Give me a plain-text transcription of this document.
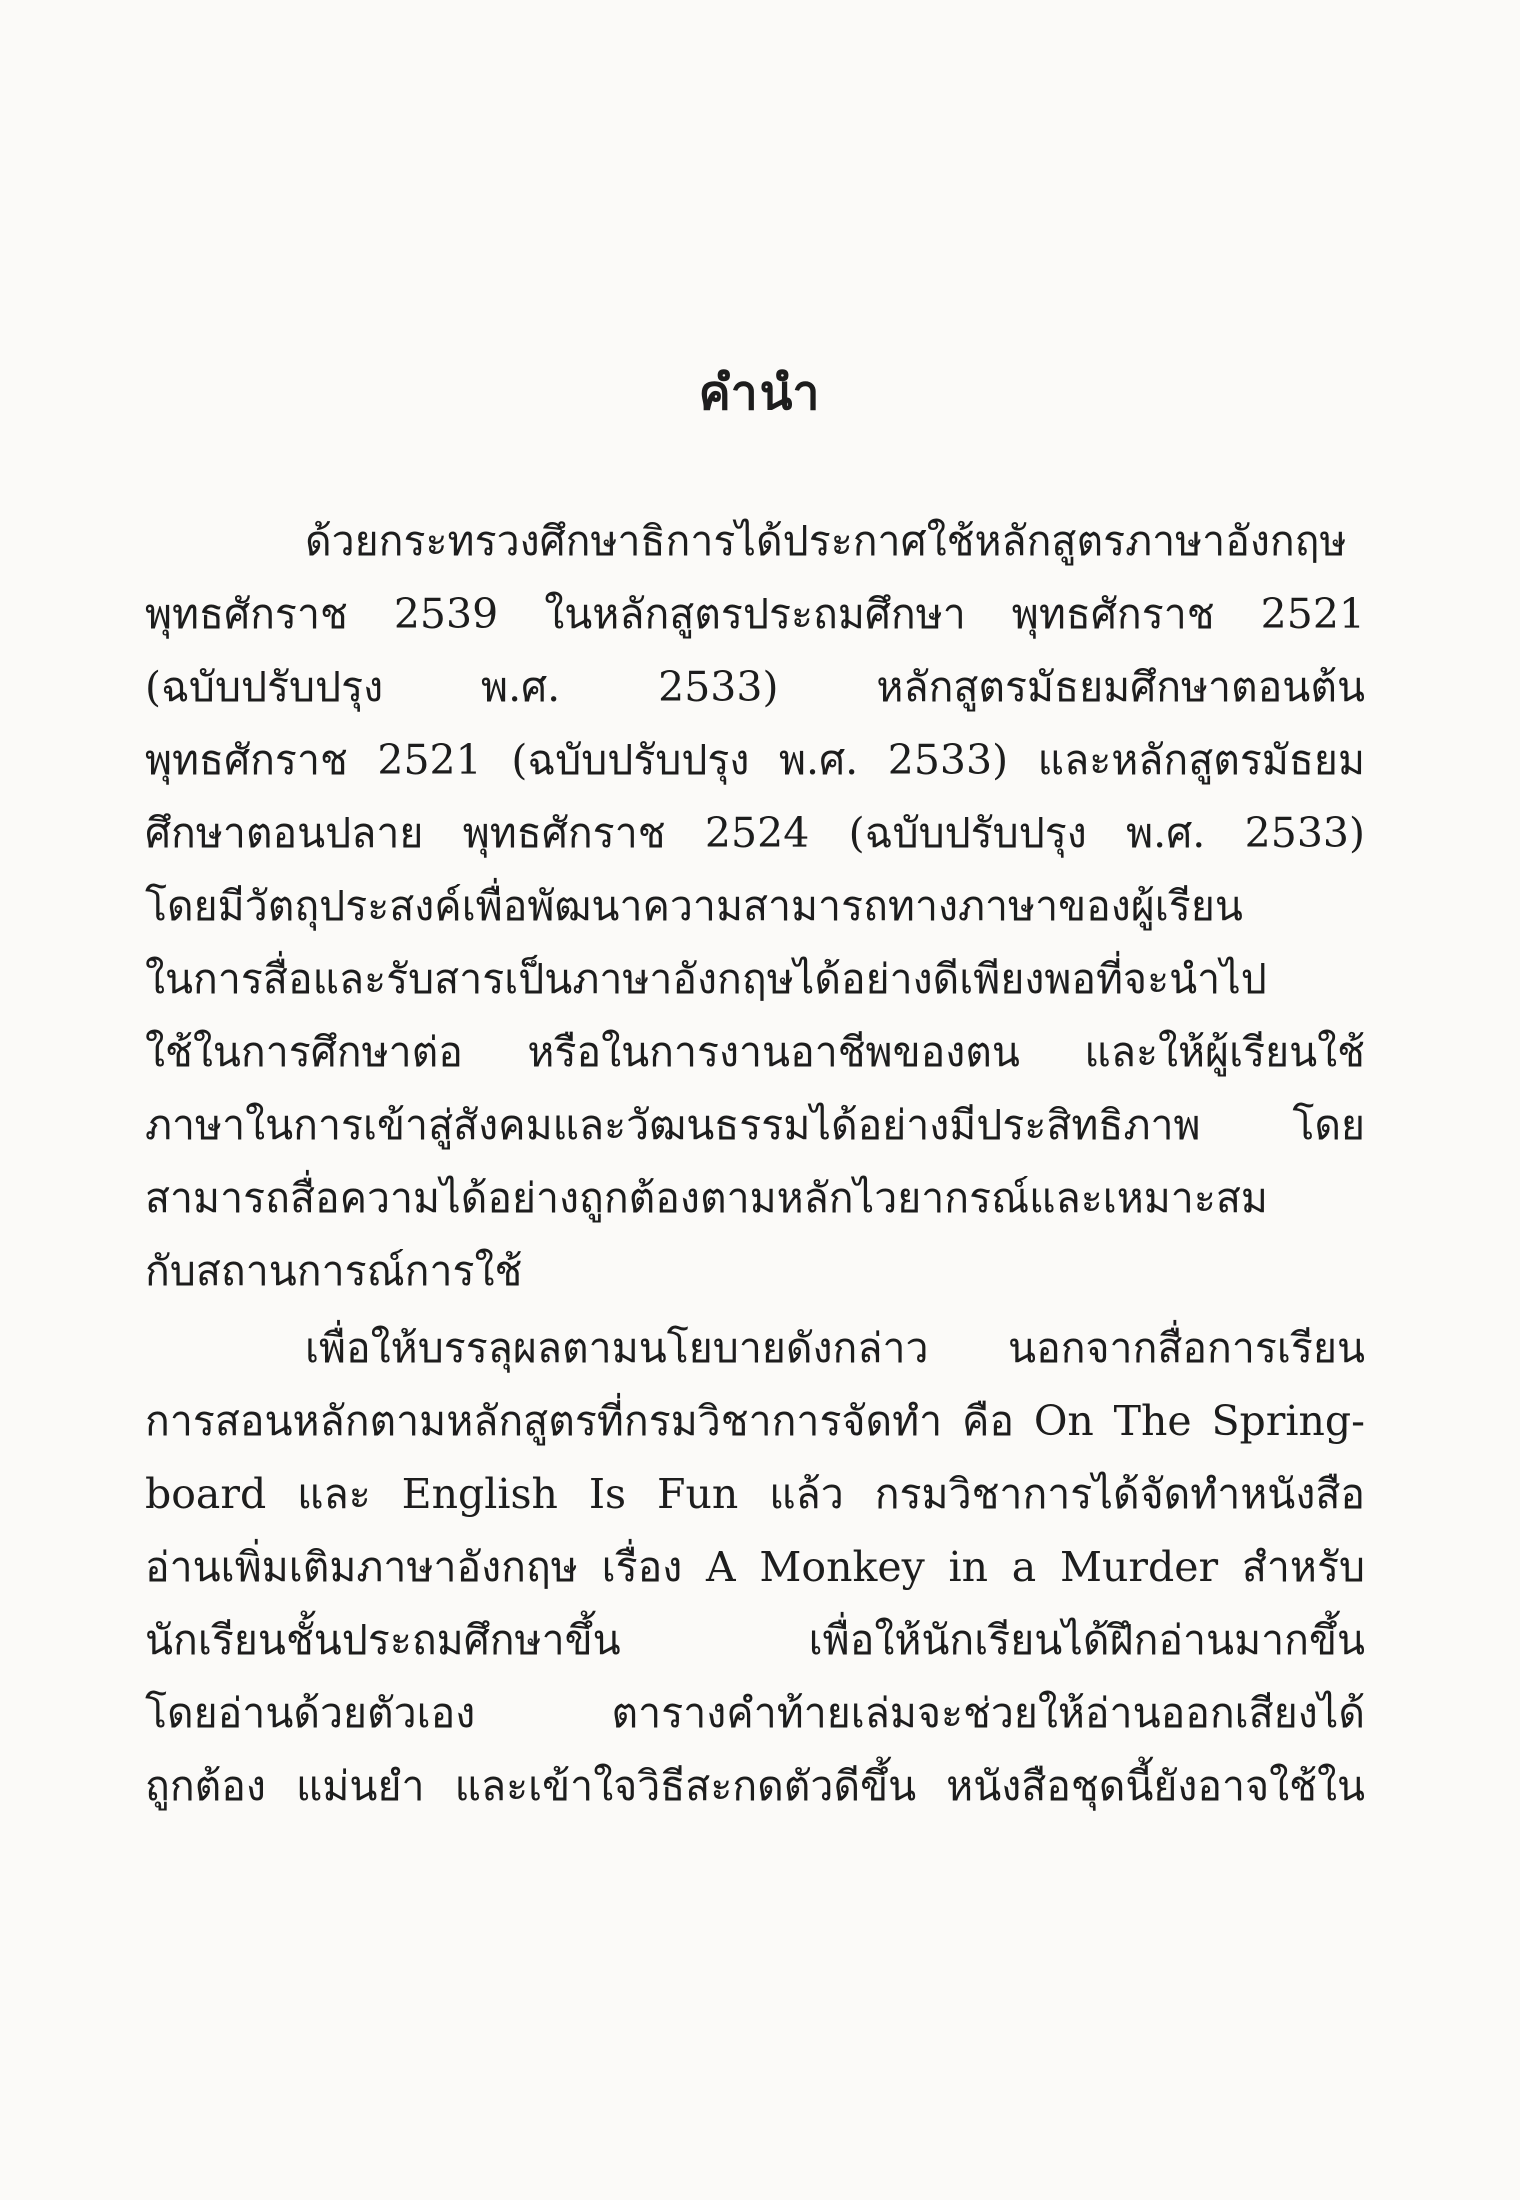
คำนำ
ด้วยกระทรวงศึกษาธิการได้ประกาศใช้หลักสูตรภาษาอังกฤษ
พุทธศักราช 2539 ในหลักสูตรประถมศึกษา พุทธศักราช 2521
(ฉบับปรับปรุง พ.ศ. 2533) หลักสูตรมัธยมศึกษาตอนต้น
พุทธศักราช 2521 (ฉบับปรับปรุง พ.ศ. 2533) และหลักสูตรมัธยม
ศึกษาตอนปลาย พุทธศักราช 2524 (ฉบับปรับปรุง พ.ศ. 2533)
โดยมีวัตถุประสงค์เพื่อพัฒนาความสามารถทางภาษาของผู้เรียน
ในการสื่อและรับสารเป็นภาษาอังกฤษได้อย่างดีเพียงพอที่จะนำไป
ใช้ในการศึกษาต่อ หรือในการงานอาชีพของตน และให้ผู้เรียนใช้
ภาษาในการเข้าสู่สังคมและวัฒนธรรมได้อย่างมีประสิทธิภาพ โดย
สามารถสื่อความได้อย่างถูกต้องตามหลักไวยากรณ์และเหมาะสม
กับสถานการณ์การใช้
เพื่อให้บรรลุผลตามนโยบายดังกล่าว นอกจากสื่อการเรียน
การสอนหลักตามหลักสูตรที่กรมวิชาการจัดทำ คือ On The Spring-
board และ English Is Fun แล้ว กรมวิชาการได้จัดทำหนังสือ
อ่านเพิ่มเติมภาษาอังกฤษ เรื่อง A Monkey in a Murder สำหรับ
นักเรียนชั้นประถมศึกษาขึ้น เพื่อให้นักเรียนได้ฝึกอ่านมากขึ้น
โดยอ่านด้วยตัวเอง ตารางคำท้ายเล่มจะช่วยให้อ่านออกเสียงได้
ถูกต้อง แม่นยำ และเข้าใจวิธีสะกดตัวดีขึ้น หนังสือชุดนี้ยังอาจใช้ใน
